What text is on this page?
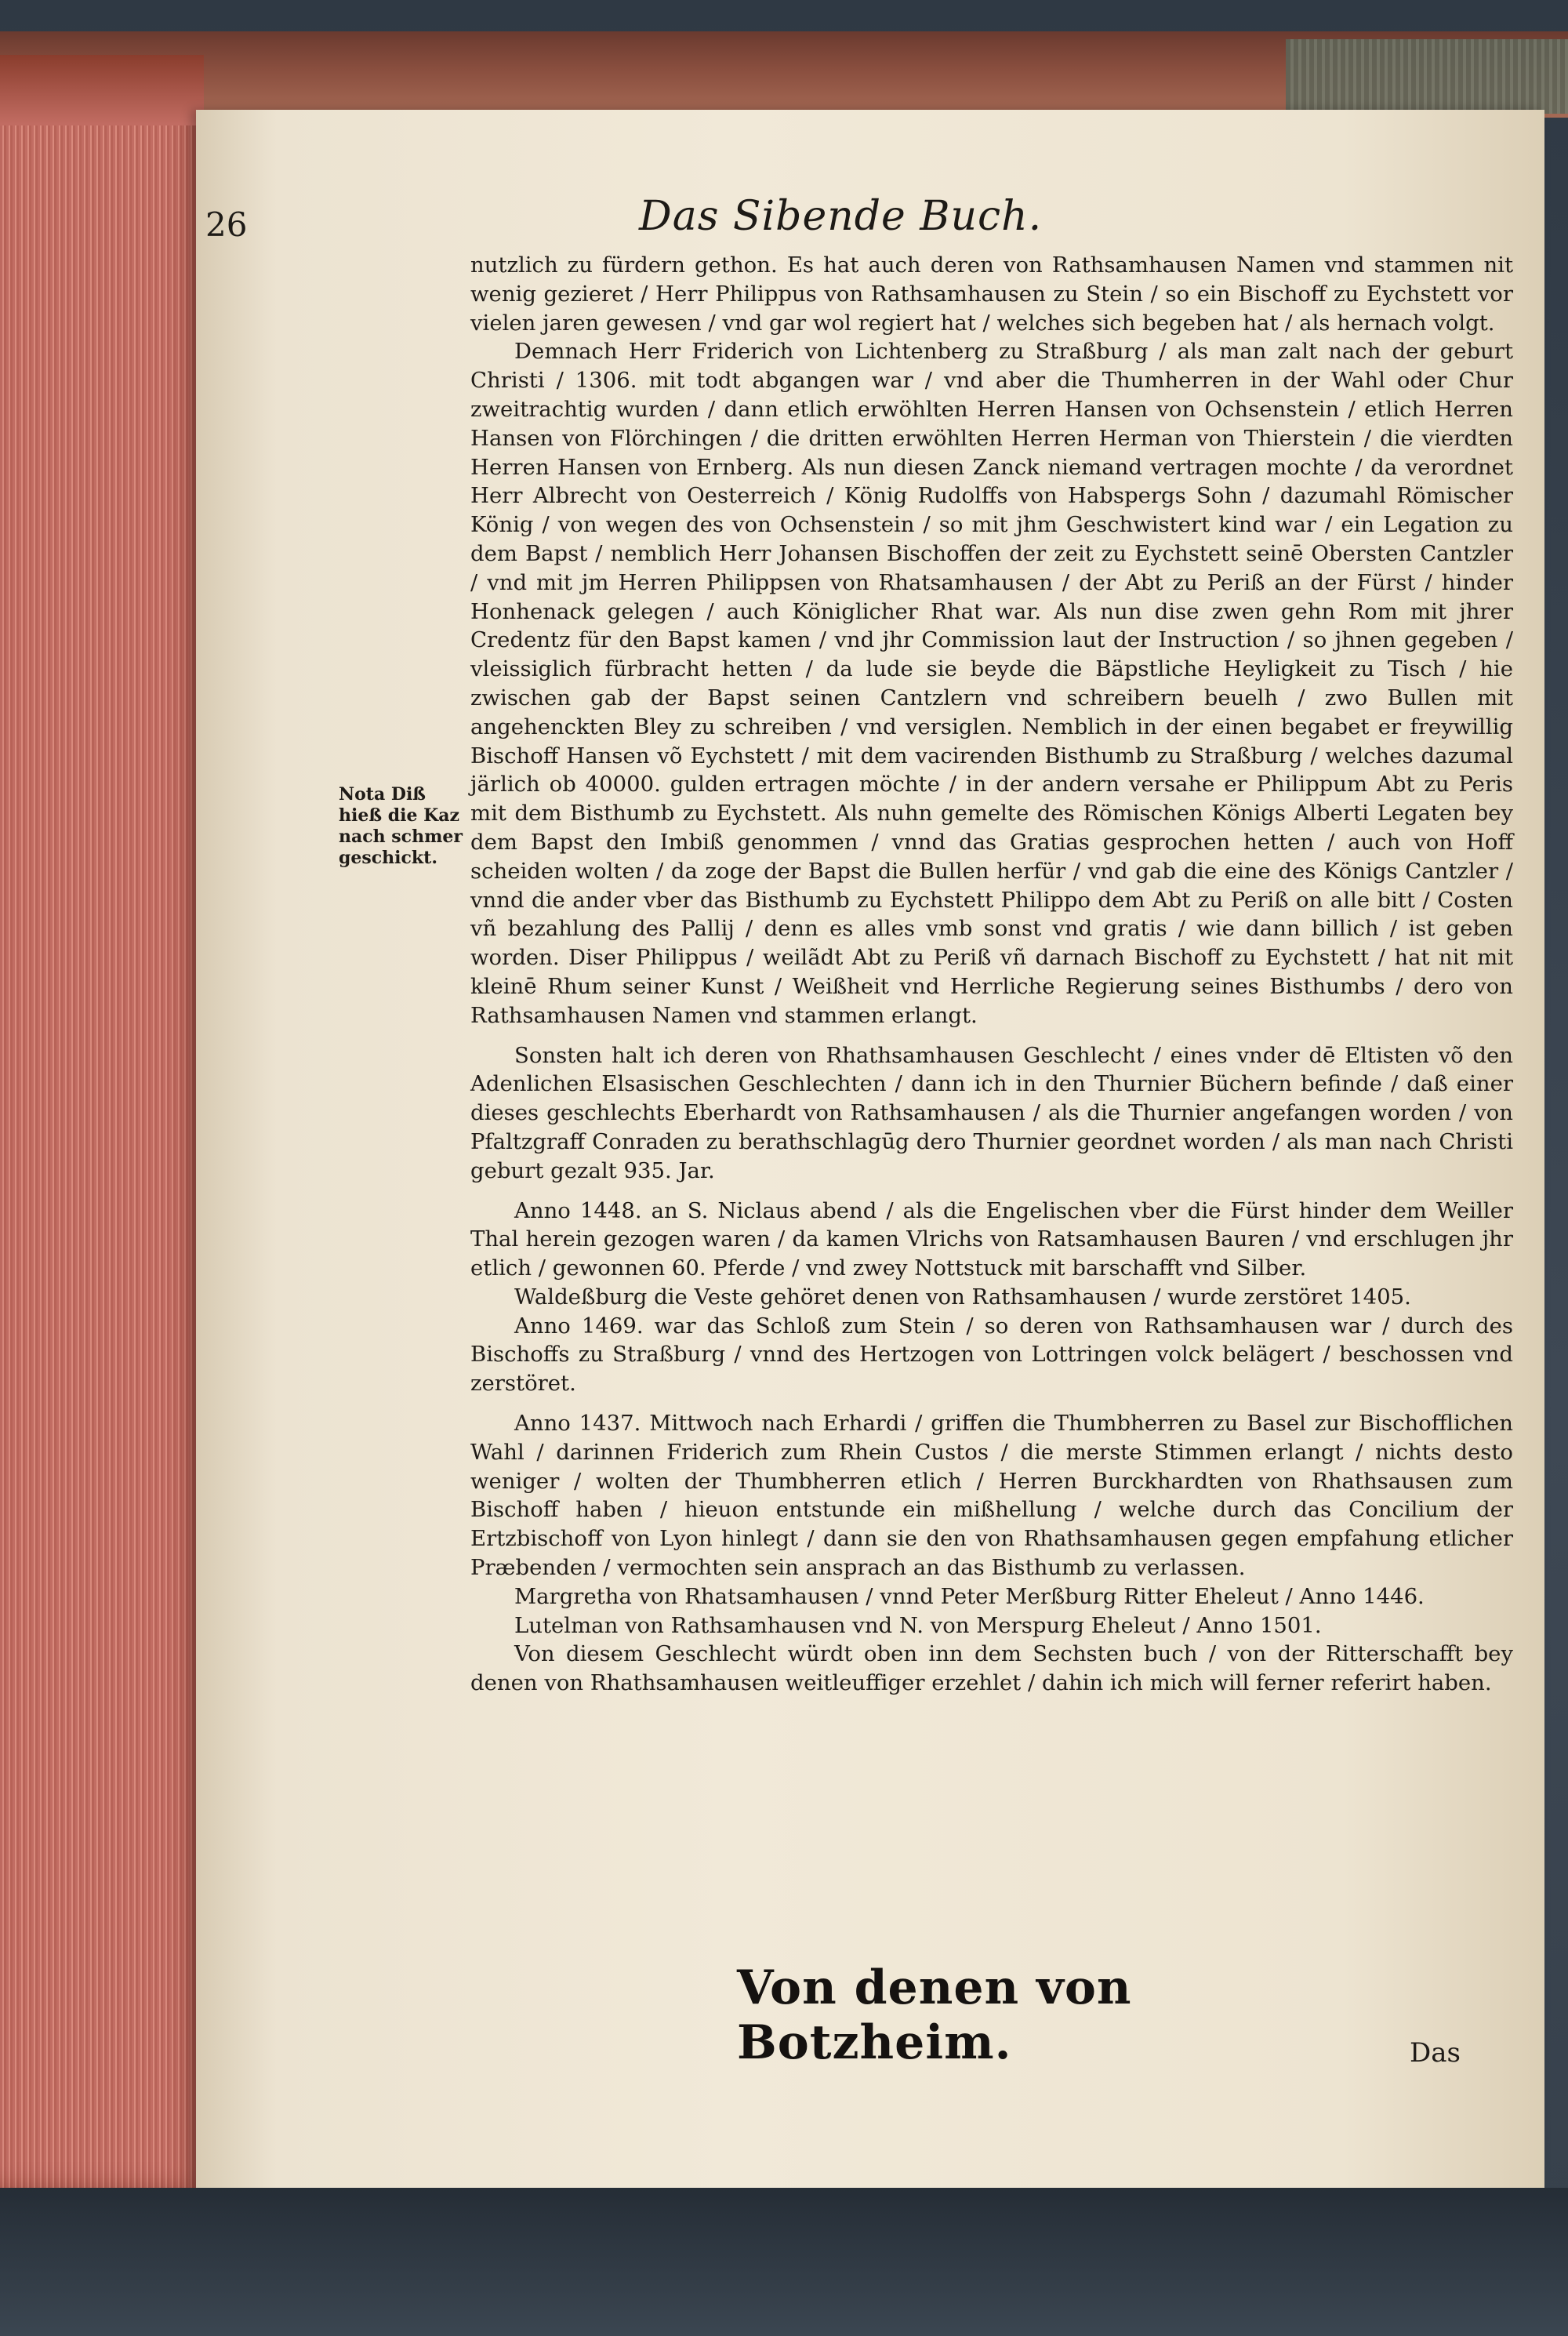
26	Das Sibende Buch.
Nota Diß hieß die Kaz nach schmer geschickt.

nutzlich zu fürdern gethon. Es hat auch deren von Rathsamhausen Namen vnd stammen nit wenig gezieret / Herr Philippus von Rathsamhausen zu Stein / so ein Bischoff zu Eychstett vor vielen jaren gewesen / vnd gar wol regiert hat / welches sich begeben hat / als hernach volgt.

Demnach Herr Friderich von Lichtenberg zu Straßburg / als man zalt nach der geburt Christi / 1306. mit todt abgangen war / vnd aber die Thumherren in der Wahl oder Chur zweitrachtig wurden / dann etlich erwöhlten Herren Hansen von Ochsenstein / etlich Herren Hansen von Flörchingen / die dritten erwöhlten Herren Herman von Thierstein / die vierdten Herren Hansen von Ernberg. Als nun diesen Zanck niemand vertragen mochte / da verordnet Herr Albrecht von Oesterreich / König Rudolffs von Habspergs Sohn / dazumahl Römischer König / von wegen des von Ochsenstein / so mit jhm Geschwistert kind war / ein Legation zu dem Bapst / nemblich Herr Johansen Bischoffen der zeit zu Eychstett seinē Obersten Cantzler / vnd mit jm Herren Philippsen von Rhatsamhausen / der Abt zu Periß an der Fürst / hinder Honhenack gelegen / auch Königlicher Rhat war. Als nun dise zwen gehn Rom mit jhrer Credentz für den Bapst kamen / vnd jhr Commission laut der Instruction / so jhnen gegeben / vleissiglich fürbracht hetten / da lude sie beyde die Bäpstliche Heyligkeit zu Tisch / hie zwischen gab der Bapst seinen Cantzlern vnd schreibern beuelh / zwo Bullen mit angehenckten Bley zu schreiben / vnd versiglen. Nemblich in der einen begabet er freywillig Bischoff Hansen võ Eychstett / mit dem vacirenden Bisthumb zu Straßburg / welches dazumal järlich ob 40000. gulden ertragen möchte / in der andern versahe er Philippum Abt zu Peris mit dem Bisthumb zu Eychstett. Als nuhn gemelte des Römischen Königs Alberti Legaten bey dem Bapst den Imbiß genommen / vnnd das Gratias gesprochen hetten / auch von Hoff scheiden wolten / da zoge der Bapst die Bullen herfür / vnd gab die eine des Königs Cantzler / vnnd die ander vber das Bisthumb zu Eychstett Philippo dem Abt zu Periß on alle bitt / Costen vñ bezahlung des Pallij / denn es alles vmb sonst vnd gratis / wie dann billich / ist geben worden. Diser Philippus / weilãdt Abt zu Periß vñ darnach Bischoff zu Eychstett / hat nit mit kleinē Rhum seiner Kunst / Weißheit vnd Herrliche Regierung seines Bisthumbs / dero von Rathsamhausen Namen vnd stammen erlangt.

Sonsten halt ich deren von Rhathsamhausen Geschlecht / eines vnder dē Eltisten võ den Adenlichen Elsasischen Geschlechten / dann ich in den Thurnier Büchern befinde / daß einer dieses geschlechts Eberhardt von Rathsamhausen / als die Thurnier angefangen worden / von Pfaltzgraff Conraden zu berathschlagūg dero Thurnier geordnet worden / als man nach Christi geburt gezalt 935. Jar.

Anno 1448. an S. Niclaus abend / als die Engelischen vber die Fürst hinder dem Weiller Thal herein gezogen waren / da kamen Vlrichs von Ratsamhausen Bauren / vnd erschlugen jhr etlich / gewonnen 60. Pferde / vnd zwey Nottstuck mit barschafft vnd Silber.

Waldeßburg die Veste gehöret denen von Rathsamhausen / wurde zerstöret 1405.

Anno 1469. war das Schloß zum Stein / so deren von Rathsamhausen war / durch des Bischoffs zu Straßburg / vnnd des Hertzogen von Lottringen volck belägert / beschossen vnd zerstöret.

Anno 1437. Mittwoch nach Erhardi / griffen die Thumbherren zu Basel zur Bischofflichen Wahl / darinnen Friderich zum Rhein Custos / die merste Stimmen erlangt / nichts desto weniger / wolten der Thumbherren etlich / Herren Burckhardten von Rhathsausen zum Bischoff haben / hieuon entstunde ein mißhellung / welche durch das Concilium der Ertzbischoff von Lyon hinlegt / dann sie den von Rhathsamhausen gegen empfahung etlicher Præbenden / vermochten sein ansprach an das Bisthumb zu verlassen.

Margretha von Rhatsamhausen / vnnd Peter Merßburg Ritter Eheleut / Anno 1446.

Lutelman von Rathsamhausen vnd N. von Merspurg Eheleut / Anno 1501.

Von diesem Geschlecht würdt oben inn dem Sechsten buch / von der Ritterschafft bey denen von Rhathsamhausen weitleuffiger erzehlet / dahin ich mich will ferner referirt haben.

Von denen von Botzheim.	Das
